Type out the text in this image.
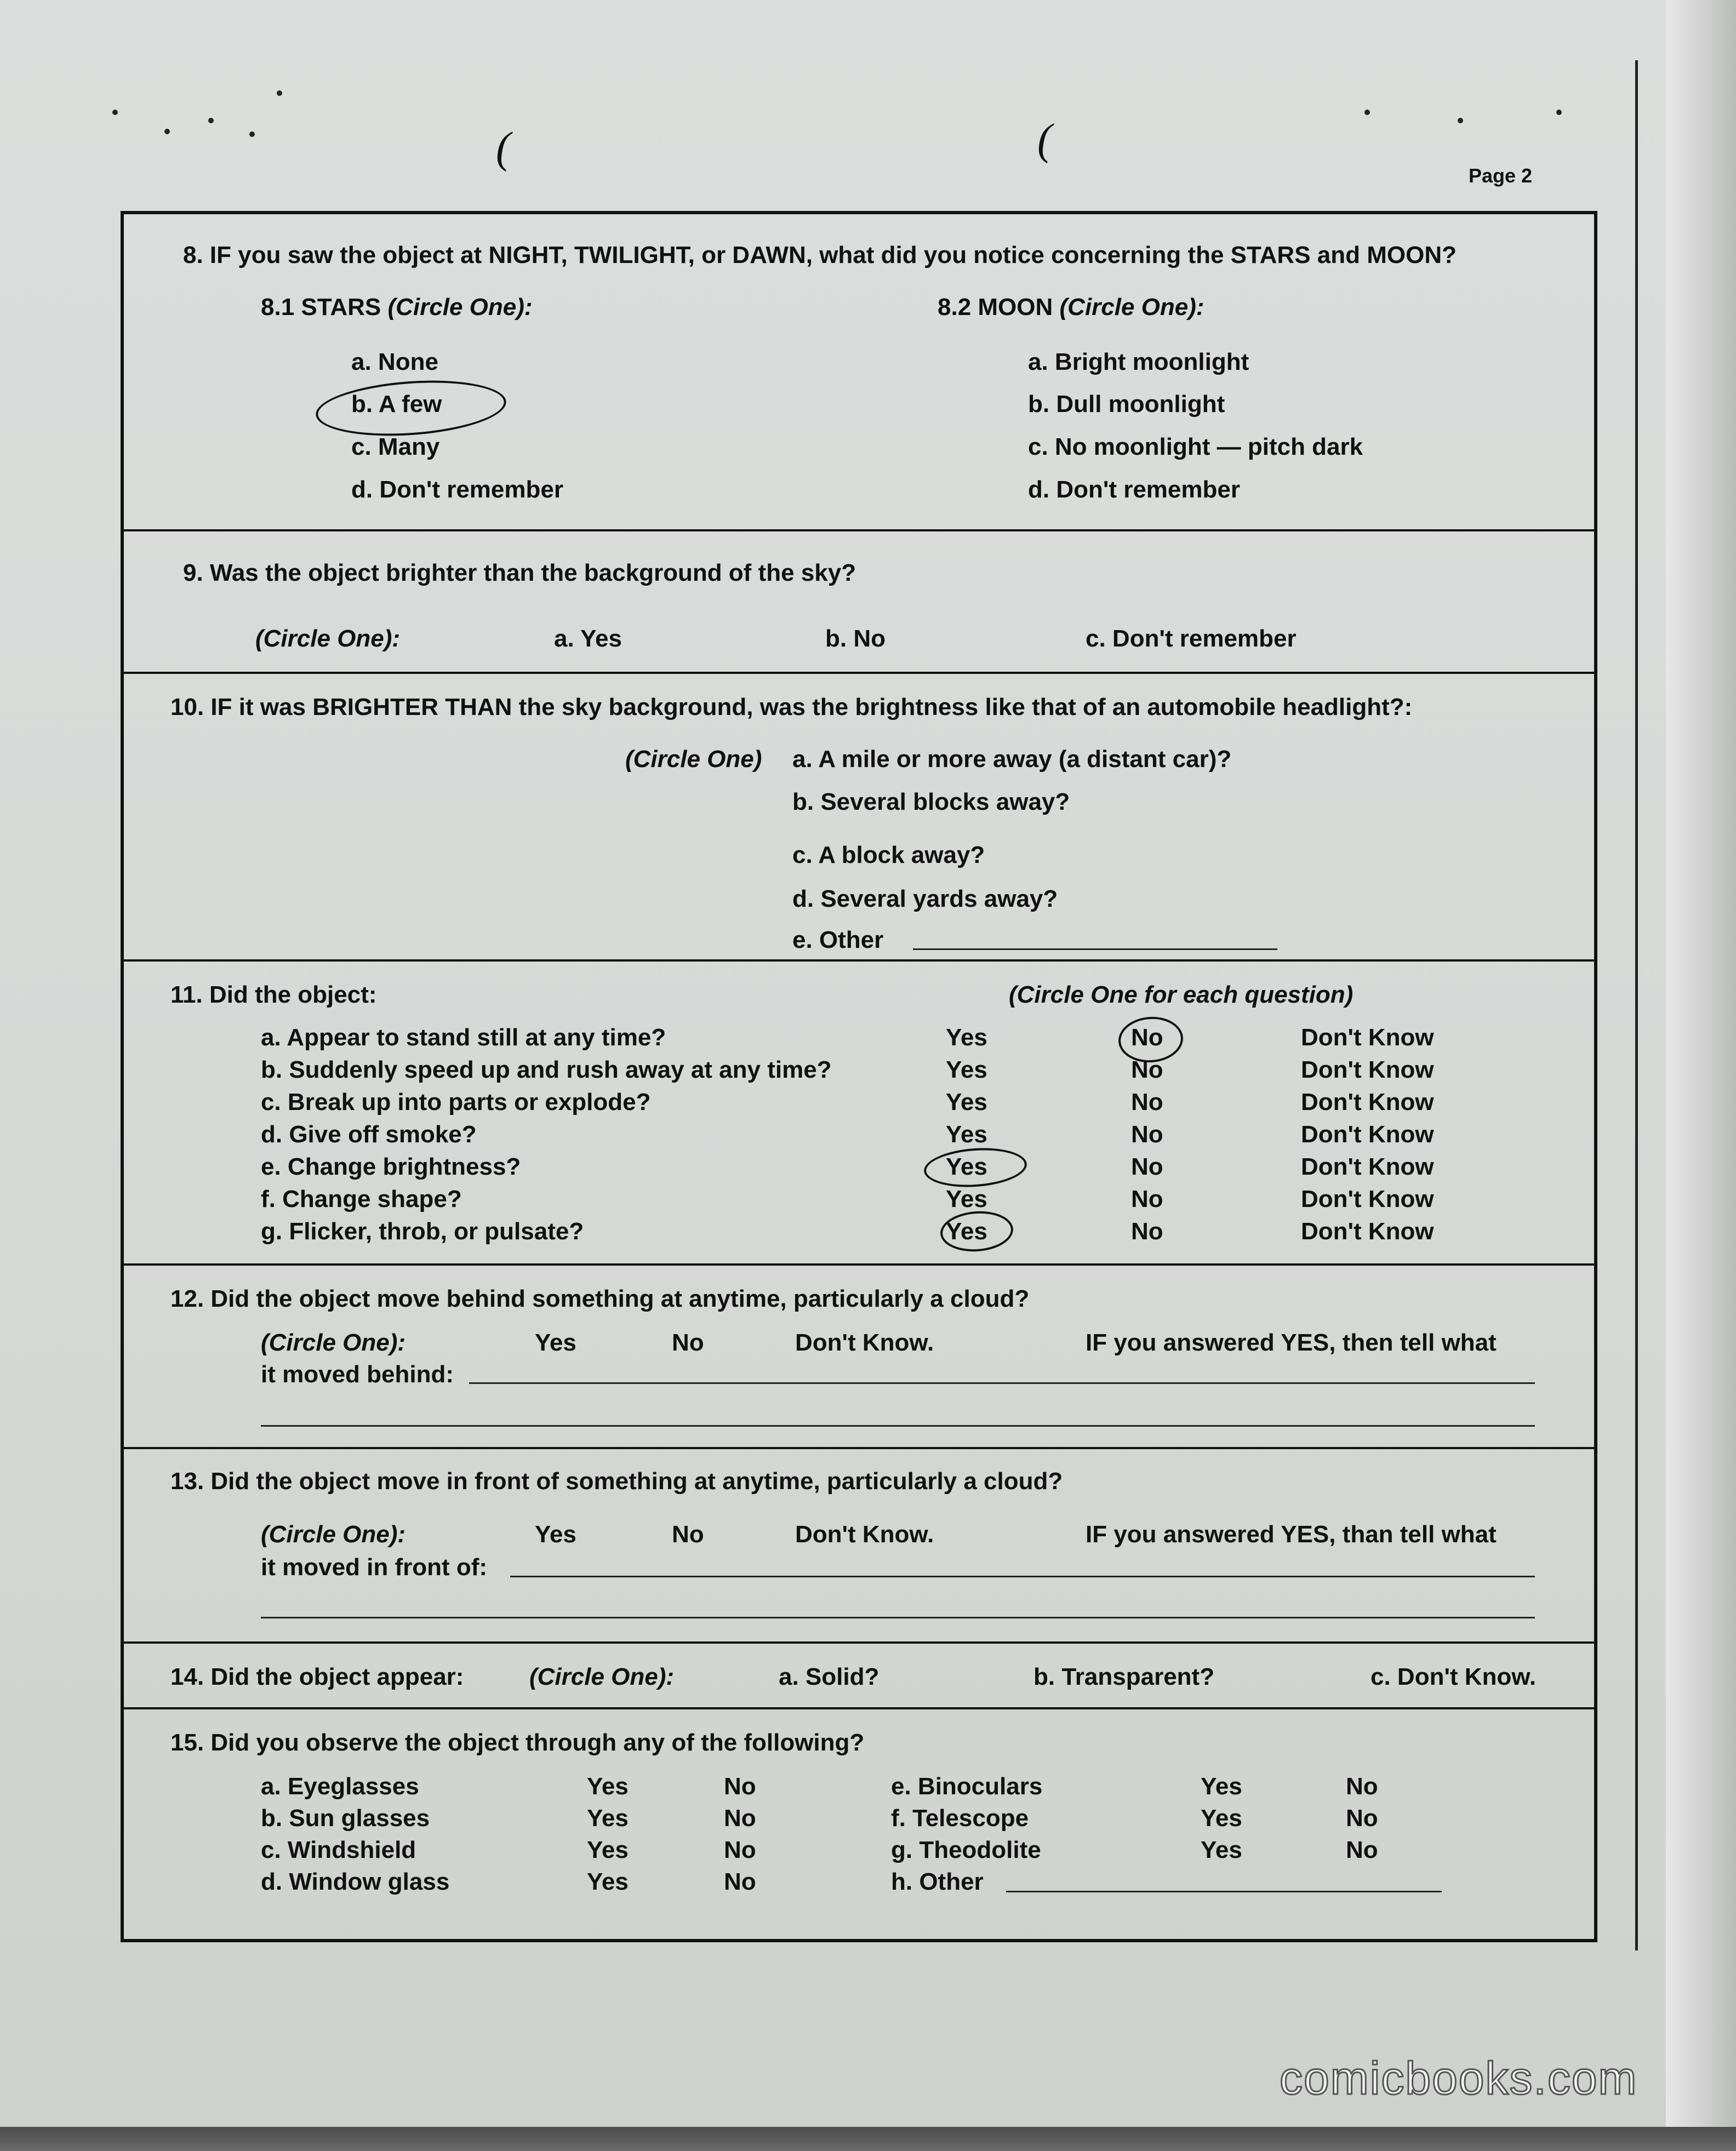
(	(
Page 2
8. IF you saw the object at NIGHT, TWILIGHT, or DAWN, what did you notice concerning the STARS and MOON?
8.1 STARS (Circle One):	8.2 MOON (Circle One):
a. None
b. A few
c. Many
d. Don't remember
a. Bright moonlight
b. Dull moonlight
c. No moonlight — pitch dark
d. Don't remember
9. Was the object brighter than the background of the sky?
(Circle One):	a. Yes	b. No	c. Don't remember
10. IF it was BRIGHTER THAN the sky background, was the brightness like that of an automobile headlight?:
(Circle One) a. A mile or more away (a distant car)?
b. Several blocks away?
c. A block away?
d. Several yards away?
e. Other
11. Did the object:	(Circle One for each question)
a. Appear to stand still at any time?	Yes	No	Don't Know
b. Suddenly speed up and rush away at any time?	Yes	No	Don't Know
c. Break up into parts or explode?	Yes	No	Don't Know
d. Give off smoke?	Yes	No	Don't Know
e. Change brightness?	Yes	No	Don't Know
f. Change shape?	Yes	No	Don't Know
g. Flicker, throb, or pulsate?	Yes	No	Don't Know
12. Did the object move behind something at anytime, particularly a cloud?
(Circle One):	Yes	No	Don't Know.	IF you answered YES, then tell what
it moved behind:
13. Did the object move in front of something at anytime, particularly a cloud?
(Circle One):	Yes	No	Don't Know.	IF you answered YES, than tell what
it moved in front of:
14. Did the object appear:	(Circle One):	a. Solid?	b. Transparent?	c. Don't Know.
15. Did you observe the object through any of the following?
a. Eyeglasses	Yes	No
b. Sun glasses	Yes	No
c. Windshield	Yes	No
d. Window glass	Yes	No
e. Binoculars	Yes	No
f. Telescope	Yes	No
g. Theodolite	Yes	No
h. Other
comicbooks.com
